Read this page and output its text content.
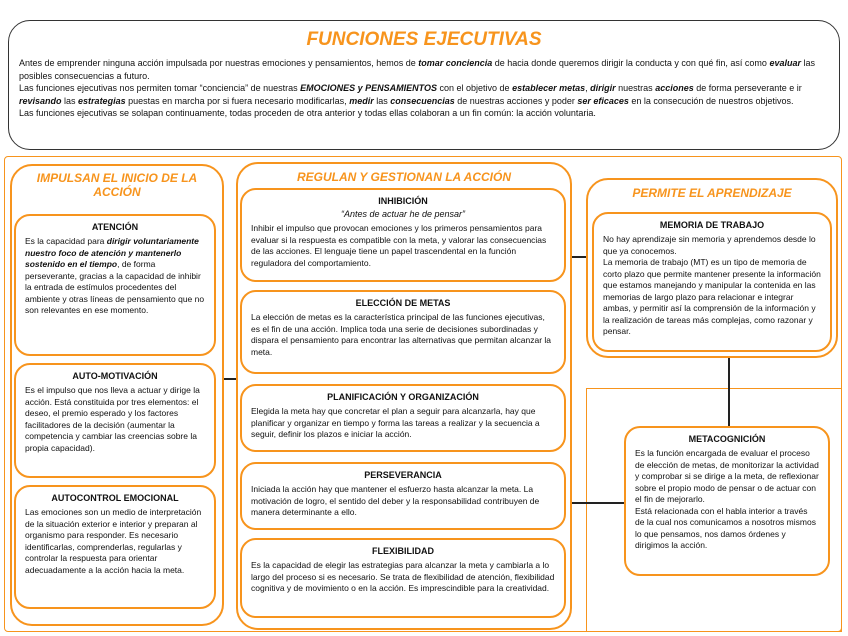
FUNCIONES EJECUTIVAS

Antes de emprender ninguna acción impulsada por nuestras emociones y pensamientos, hemos de tomar conciencia de hacia donde queremos dirigir la conducta y con qué fin, así como evaluar las posibles consecuencias a futuro.

Las funciones ejecutivas nos permiten tomar “conciencia” de nuestras EMOCIONES y PENSAMIENTOS con el objetivo de establecer metas, dirigir nuestras acciones de forma perseverante e ir revisando las estrategias puestas en marcha por si fuera necesario modificarlas, medir las consecuencias de nuestras acciones y poder ser eficaces en la consecución de nuestros objetivos.

Las funciones ejecutivas se solapan continuamente, todas proceden de otra anterior y todas ellas colaboran a un fin común: la acción voluntaria.

IMPULSAN EL INICIO DE LA ACCIÓN
ATENCIÓN

Es la capacidad para dirigir voluntariamente nuestro foco de atención y mantenerlo sostenido en el tiempo, de forma perseverante, gracias a la capacidad de inhibir la entrada de estímulos procedentes del ambiente y otras líneas de pensamiento que no son relevantes en ese momento.

AUTO-MOTIVACIÓN

Es el impulso que nos lleva a actuar y dirige la acción. Está constituida por tres elementos: el deseo, el premio esperado y los factores facilitadores de la decisión (aumentar la competencia y cambiar las creencias sobre la propia capacidad).

AUTOCONTROL EMOCIONAL

Las emociones son un medio de interpretación de la situación exterior e interior y preparan al organismo para responder. Es necesario identificarlas, comprenderlas, regularlas y controlar la respuesta para orientar adecuadamente a la acción hacia la meta.

REGULAN Y GESTIONAN LA ACCIÓN
INHIBICIÓN
“Antes de actuar he de pensar”

Inhibir el impulso que provocan emociones y los primeros pensamientos para evaluar si la respuesta es compatible con la meta, y valorar las consecuencias de las acciones. El lenguaje tiene un papel trascendental en la función reguladora del comportamiento.

ELECCIÓN DE METAS

La elección de metas es la característica principal de las funciones ejecutivas, es el fin de una acción. Implica toda una serie de decisiones subordinadas y dispara el pensamiento para encontrar las alternativas que permitan alcanzar la meta.

PLANIFICACIÓN Y ORGANIZACIÓN

Elegida la meta hay que concretar el plan a seguir para alcanzarla, hay que planificar y organizar en tiempo y forma las tareas a realizar y la secuencia a seguir, definir los plazos e iniciar la acción.

PERSEVERANCIA

Iniciada la acción hay que mantener el esfuerzo hasta alcanzar la meta. La motivación de logro, el sentido del deber y la responsabilidad contribuyen de manera determinante a ello.

FLEXIBILIDAD

Es la capacidad de elegir las estrategias para alcanzar la meta y cambiarla a lo largo del proceso si es necesario. Se trata de flexibilidad de atención, flexibilidad cognitiva y de movimiento o en la acción. Es imprescindible para la creatividad.

PERMITE EL APRENDIZAJE
MEMORIA DE TRABAJO

No hay aprendizaje sin memoria y aprendemos desde lo que ya conocemos.
La memoria de trabajo (MT) es un tipo de memoria de corto plazo que permite mantener presente la información que estamos manejando y manipular la contenida en las memorias de largo plazo para relacionar e integrar ambas, y permitir así la comprensión de la información y la realización de tareas más complejas, como razonar y pensar.

METACOGNICIÓN

Es la función encargada de evaluar el proceso de elección de metas, de monitorizar la actividad y comprobar si se dirige a la meta, de reflexionar sobre el propio modo de pensar o de actuar con el fin de mejorarlo.
Está relacionada con el habla interior a través de la cual nos comunicamos a nosotros mismos lo que pensamos, nos damos órdenes y dirigimos la acción.
